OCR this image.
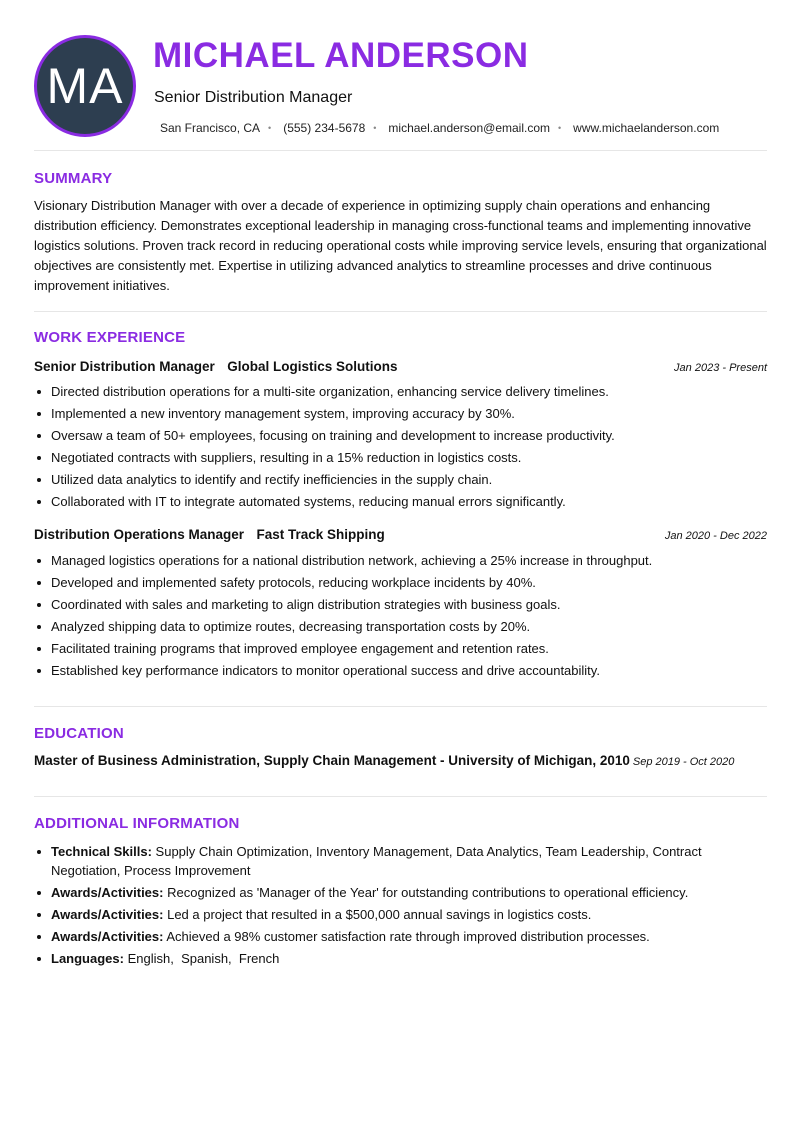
MA
MICHAEL ANDERSON
Senior Distribution Manager
San Francisco, CA • (555) 234-5678 • michael.anderson@email.com • www.michaelanderson.com
SUMMARY

Visionary Distribution Manager with over a decade of experience in optimizing supply chain operations and enhancing distribution efficiency. Demonstrates exceptional leadership in managing cross-functional teams and implementing innovative logistics solutions. Proven track record in reducing operational costs while improving service levels, ensuring that organizational objectives are consistently met. Expertise in utilizing advanced analytics to streamline processes and drive continuous improvement initiatives.

WORK EXPERIENCE
Senior Distribution Manager Global Logistics Solutions	Jan 2023 - Present
Directed distribution operations for a multi-site organization, enhancing service delivery timelines.
Implemented a new inventory management system, improving accuracy by 30%.
Oversaw a team of 50+ employees, focusing on training and development to increase productivity.
Negotiated contracts with suppliers, resulting in a 15% reduction in logistics costs.
Utilized data analytics to identify and rectify inefficiencies in the supply chain.
Collaborated with IT to integrate automated systems, reducing manual errors significantly.
Distribution Operations Manager Fast Track Shipping	Jan 2020 - Dec 2022
Managed logistics operations for a national distribution network, achieving a 25% increase in throughput.
Developed and implemented safety protocols, reducing workplace incidents by 40%.
Coordinated with sales and marketing to align distribution strategies with business goals.
Analyzed shipping data to optimize routes, decreasing transportation costs by 20%.
Facilitated training programs that improved employee engagement and retention rates.
Established key performance indicators to monitor operational success and drive accountability.
EDUCATION
Master of Business Administration, Supply Chain Management - University of Michigan, 2010 Sep 2019 - Oct 2020
ADDITIONAL INFORMATION
Technical Skills: Supply Chain Optimization, Inventory Management, Data Analytics, Team Leadership, Contract Negotiation, Process Improvement
Awards/Activities: Recognized as 'Manager of the Year' for outstanding contributions to operational efficiency.
Awards/Activities: Led a project that resulted in a $500,000 annual savings in logistics costs.
Awards/Activities: Achieved a 98% customer satisfaction rate through improved distribution processes.
Languages: English,  Spanish,  French
